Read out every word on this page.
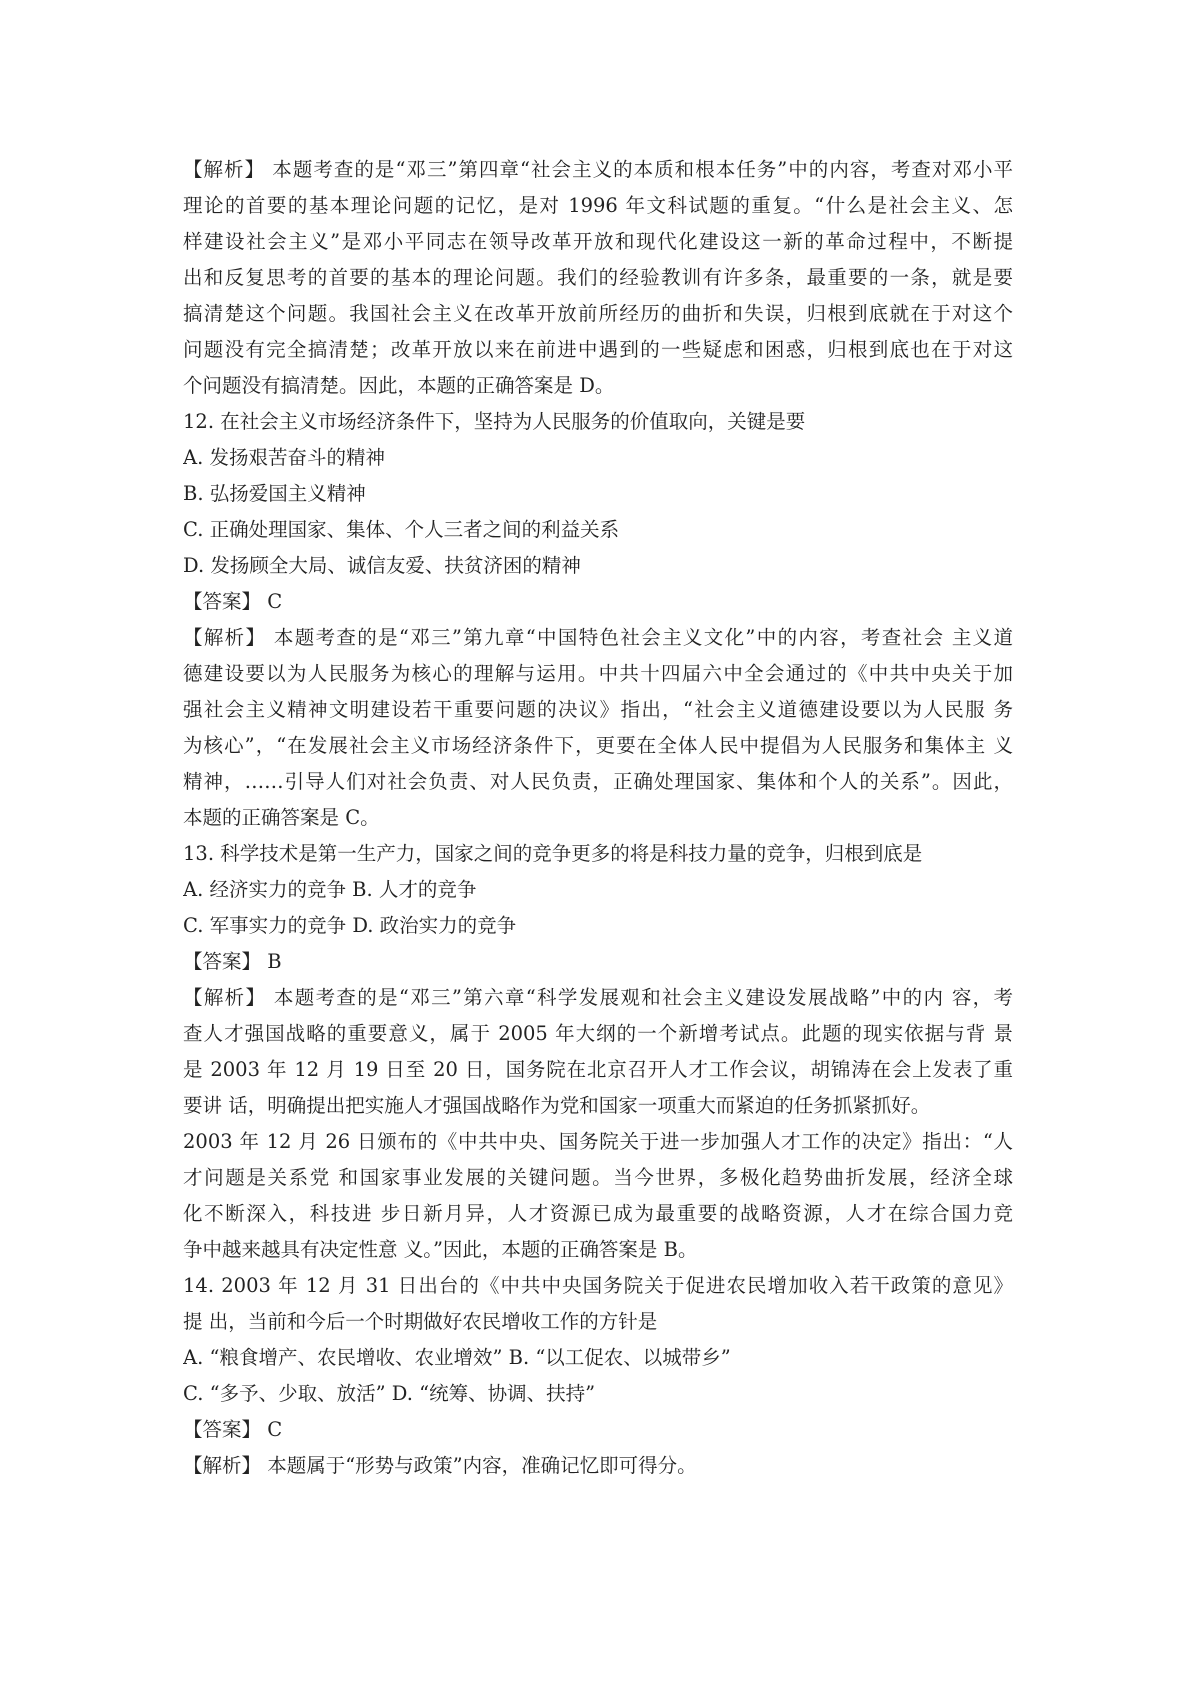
【解析】 本题考查的是“邓三”第四章“社会主义的本质和根本任务”中的内容，考查对邓小平
理论的首要的基本理论问题的记忆，是对 1996 年文科试题的重复。“什么是社会主义、怎
样建设社会主义”是邓小平同志在领导改革开放和现代化建设这一新的革命过程中，不断提
出和反复思考的首要的基本的理论问题。我们的经验教训有许多条，最重要的一条，就是要
搞清楚这个问题。我国社会主义在改革开放前所经历的曲折和失误，归根到底就在于对这个
问题没有完全搞清楚；改革开放以来在前进中遇到的一些疑虑和困惑，归根到底也在于对这
个问题没有搞清楚。因此，本题的正确答案是 D。
12. 在社会主义市场经济条件下，坚持为人民服务的价值取向，关键是要
A. 发扬艰苦奋斗的精神
B. 弘扬爱国主义精神
C. 正确处理国家、集体、个人三者之间的利益关系
D. 发扬顾全大局、诚信友爱、扶贫济困的精神
【答案】 C
【解析】 本题考查的是“邓三”第九章“中国特色社会主义文化”中的内容，考查社会 主义道
德建设要以为人民服务为核心的理解与运用。中共十四届六中全会通过的《中共中央关于加
强社会主义精神文明建设若干重要问题的决议》指出，“社会主义道德建设要以为人民服 务
为核心”，“在发展社会主义市场经济条件下，更要在全体人民中提倡为人民服务和集体主 义
精神，……引导人们对社会负责、对人民负责，正确处理国家、集体和个人的关系”。因此，
本题的正确答案是 C。
13. 科学技术是第一生产力，国家之间的竞争更多的将是科技力量的竞争，归根到底是
A. 经济实力的竞争 B. 人才的竞争
C. 军事实力的竞争 D. 政治实力的竞争
【答案】 B
【解析】 本题考查的是“邓三”第六章“科学发展观和社会主义建设发展战略”中的内 容，考
查人才强国战略的重要意义，属于 2005 年大纲的一个新增考试点。此题的现实依据与背 景
是 2003 年 12 月 19 日至 20 日，国务院在北京召开人才工作会议，胡锦涛在会上发表了重
要讲 话，明确提出把实施人才强国战略作为党和国家一项重大而紧迫的任务抓紧抓好。
2003 年 12 月 26 日颁布的《中共中央、国务院关于进一步加强人才工作的决定》指出：“人
才问题是关系党 和国家事业发展的关键问题。当今世界，多极化趋势曲折发展，经济全球
化不断深入，科技进 步日新月异，人才资源已成为最重要的战略资源，人才在综合国力竞
争中越来越具有决定性意 义。”因此，本题的正确答案是 B。
14. 2003 年 12 月 31 日出台的《中共中央国务院关于促进农民增加收入若干政策的意见》
提 出，当前和今后一个时期做好农民增收工作的方针是
A. “粮食增产、农民增收、农业增效” B. “以工促农、以城带乡”
C. “多予、少取、放活” D. “统筹、协调、扶持”
【答案】 C
【解析】 本题属于“形势与政策”内容，准确记忆即可得分。
